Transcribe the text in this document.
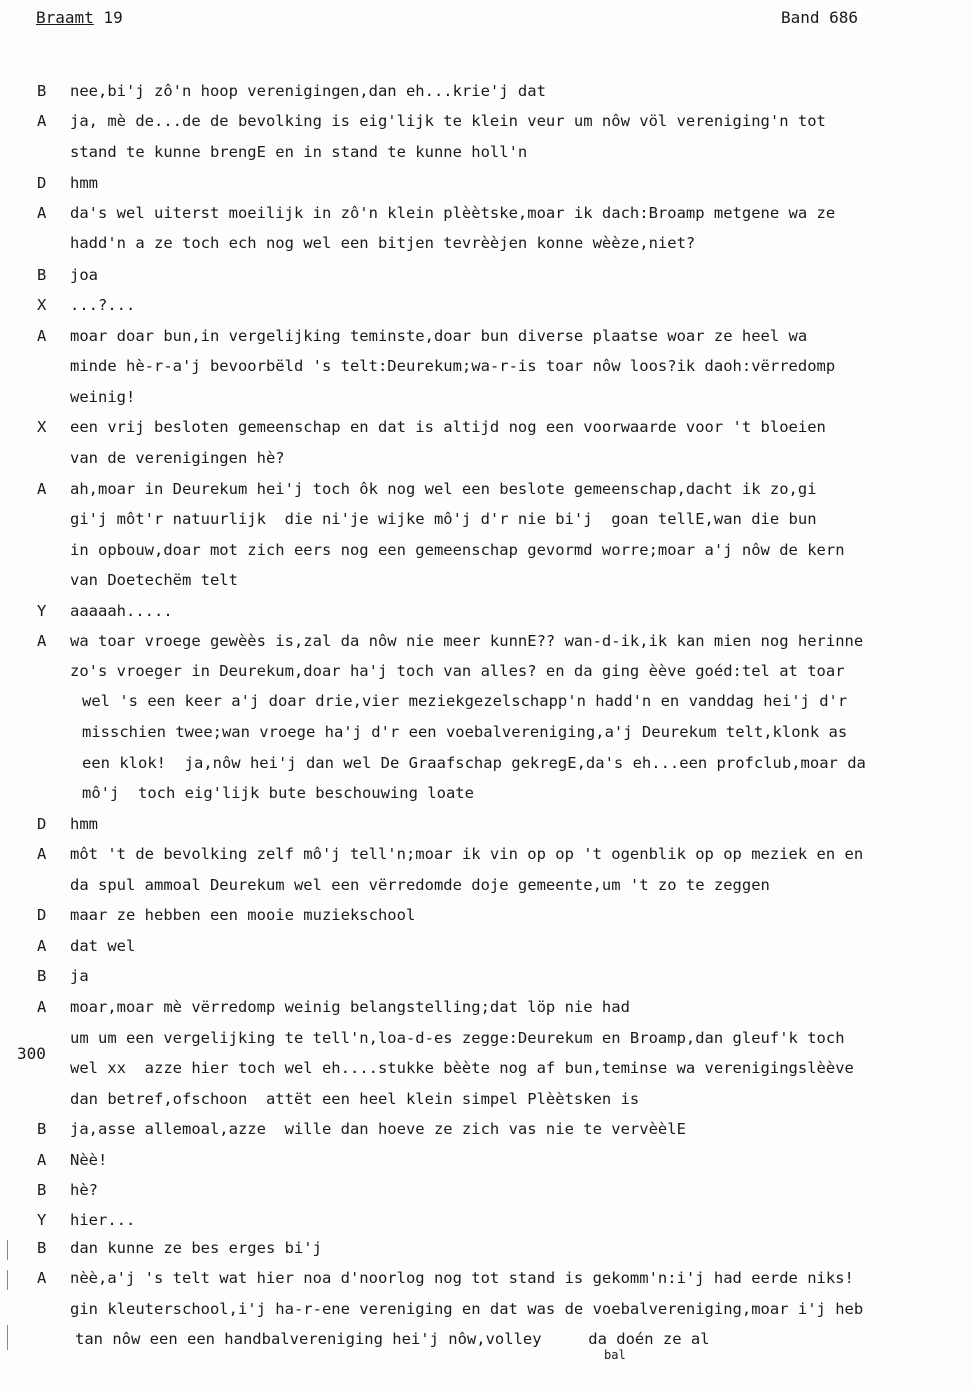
Braamt 19	Band 686
300
bal
B nee,bi'j zô'n hoop verenigingen,dan eh...krie'j dat
A ja, mè de...de de bevolking is eig'lijk te klein veur um nôw völ vereniging'n tot
stand te kunne brengE en in stand te kunne holl'n
D hmm
A da's wel uiterst moeilijk in zô'n klein plèètske,moar ik dach:Broamp metgene wa ze
hadd'n a ze toch ech nog wel een bitjen tevrèèjen konne wèèze,niet?
B joa
X ...?...
A moar doar bun,in vergelijking teminste,doar bun diverse plaatse woar ze heel wa
minde hè-r-a'j bevoorbëld 's telt:Deurekum;wa-r-is toar nôw loos?ik daoh:vërredomp
weinig!
X een vrij besloten gemeenschap en dat is altijd nog een voorwaarde voor 't bloeien
van de verenigingen hè?
A ah,moar in Deurekum hei'j toch ôk nog wel een beslote gemeenschap,dacht ik zo,gi
gi'j môt'r natuurlijk  die ni'je wijke mô'j d'r nie bi'j  goan tellE,wan die bun
in opbouw,doar mot zich eers nog een gemeenschap gevormd worre;moar a'j nôw de kern
van Doetechëm telt
Y aaaaah.....
A wa toar vroege gewèès is,zal da nôw nie meer kunnE?? wan-d-ik,ik kan mien nog herinne
zo's vroeger in Deurekum,doar ha'j toch van alles? en da ging èève goéd:tel at toar
wel 's een keer a'j doar drie,vier meziekgezelschapp'n hadd'n en vanddag hei'j d'r
misschien twee;wan vroege ha'j d'r een voebalvereniging,a'j Deurekum telt,klonk as
een klok!  ja,nôw hei'j dan wel De Graafschap gekregE,da's eh...een profclub,moar da
mô'j  toch eig'lijk bute beschouwing loate
D hmm
A môt 't de bevolking zelf mô'j tell'n;moar ik vin op op 't ogenblik op op meziek en en
da spul ammoal Deurekum wel een vërredomde doje gemeente,um 't zo te zeggen
D maar ze hebben een mooie muziekschool
A dat wel
B ja
A moar,moar mè vërredomp weinig belangstelling;dat löp nie had
um um een vergelijking te tell'n,loa-d-es zegge:Deurekum en Broamp,dan gleuf'k toch
wel xx  azze hier toch wel eh....stukke bèète nog af bun,teminse wa verenigingslèève
dan betref,ofschoon  attët een heel klein simpel Plèètsken is
B ja,asse allemoal,azze  wille dan hoeve ze zich vas nie te vervèèlE
A Nèè!
B hè?
Y hier...
B dan kunne ze bes erges bi'j
A nèè,a'j 's telt wat hier noa d'noorlog nog tot stand is gekomm'n:i'j had eerde niks!
gin kleuterschool,i'j ha-r-ene vereniging en dat was de voebalvereniging,moar i'j heb
tan nôw een een handbalvereniging hei'j nôw,volley     da doén ze al
